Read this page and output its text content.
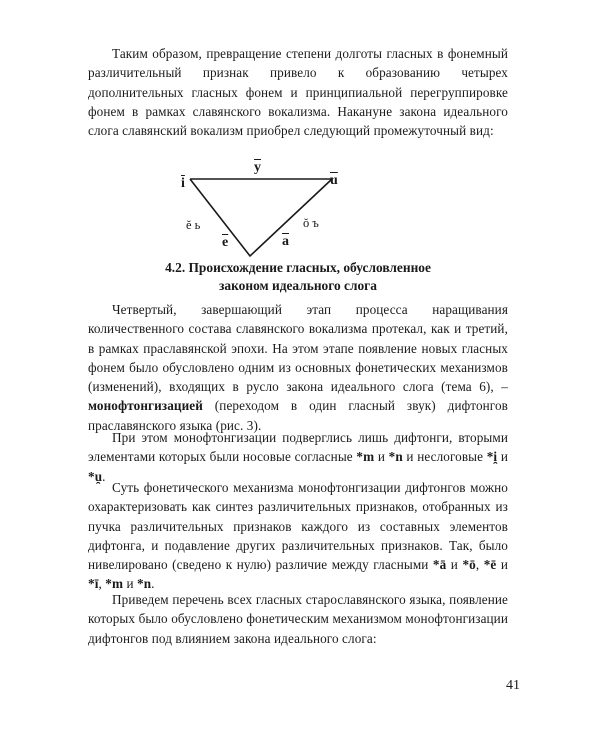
Таким образом, превращение степени долготы гласных в фонемный различительный признак привело к образованию четырех дополнительных гласных фонем и принципиальной перегруппировке фонем в рамках славянского вокализма. Накануне закона идеального слога славянский вокализм приобрел следующий промежуточный вид:

$\overline{y}$
$\overline{i}$	$\overline{u}$
ĕ ь	ŏ ъ
$\overline{e}$	$\overline{a}$
4.2. Происхождение гласных, обусловленное
законом идеального слога

Четвертый, завершающий этап процесса наращивания количественного состава славянского вокализма протекал, как и третий, в рамках праславянской эпохи. На этом этапе появление новых гласных фонем было обусловлено одним из основных фонетических механизмов (изменений), входящих в русло закона идеального слога (тема 6), – монофтонгизацией (переходом в один гласный звук) дифтонгов праславянского языка (рис. 3).

При этом монофтонгизации подверглись лишь дифтонги, вторыми элементами которых были носовые согласные *m и *n и неслоговые *i̯ и *u̯.

Суть фонетического механизма монофтонгизации дифтонгов можно охарактеризовать как синтез различительных признаков, отобранных из пучка различительных признаков каждого из составных элементов дифтонга, и подавление других различительных признаков. Так, было нивелировано (сведено к нулю) различие между гласными *ā и *ō, *ē и *ī, *m и *n.

Приведем перечень всех гласных старославянского языка, появление которых было обусловлено фонетическим механизмом монофтонгизации дифтонгов под влиянием закона идеального слога:

41
